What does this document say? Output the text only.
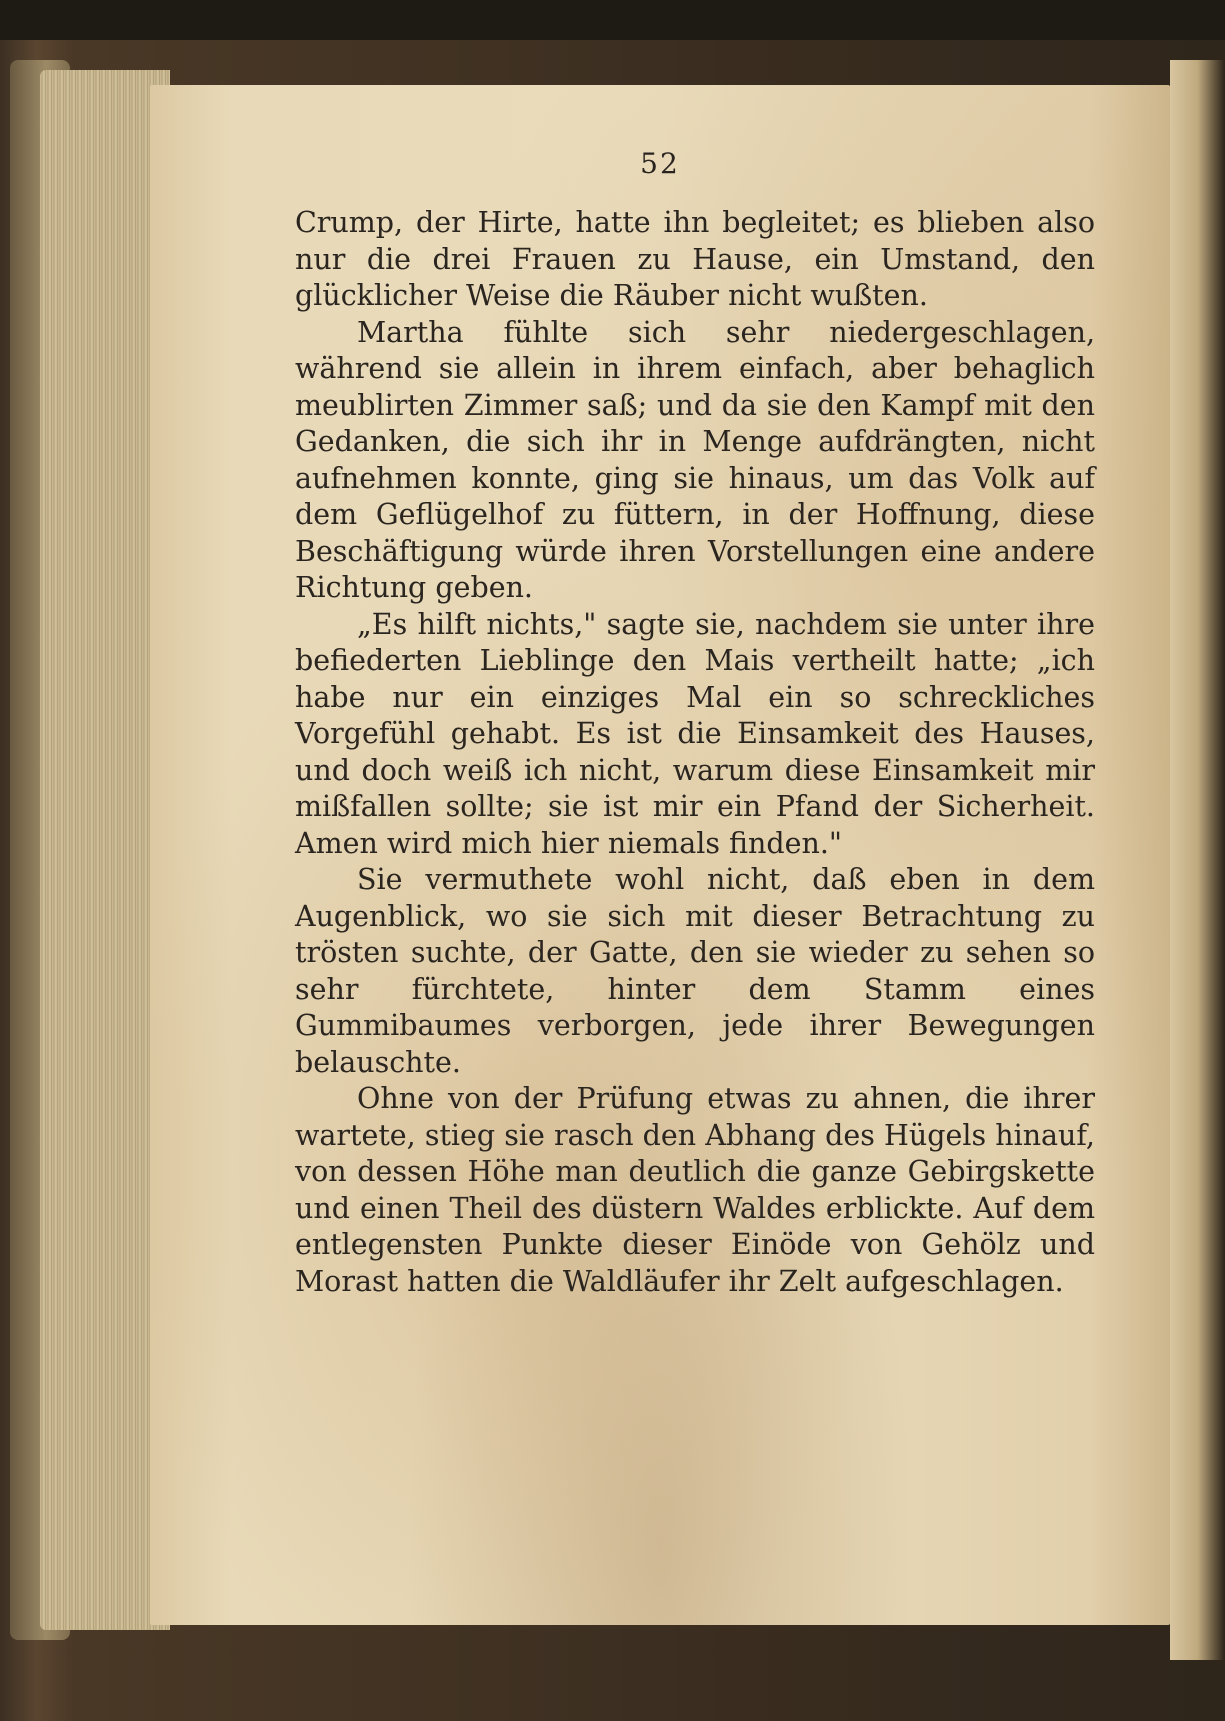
52

Crump, der Hirte, hatte ihn begleitet; es blieben also nur die drei Frauen zu Hause, ein Umstand, den glücklicher Weise die Räuber nicht wußten.

Martha fühlte sich sehr niedergeschlagen, während sie allein in ihrem einfach, aber behaglich meublirten Zimmer saß; und da sie den Kampf mit den Gedanken, die sich ihr in Menge aufdrängten, nicht aufnehmen konnte, ging sie hinaus, um das Volk auf dem Geflügelhof zu füttern, in der Hoffnung, diese Beschäftigung würde ihren Vorstellungen eine andere Richtung geben.

„Es hilft nichts," sagte sie, nachdem sie unter ihre befiederten Lieblinge den Mais vertheilt hatte; „ich habe nur ein einziges Mal ein so schreckliches Vorgefühl gehabt. Es ist die Einsamkeit des Hauses, und doch weiß ich nicht, warum diese Einsamkeit mir mißfallen sollte; sie ist mir ein Pfand der Sicherheit. Amen wird mich hier niemals finden."

Sie vermuthete wohl nicht, daß eben in dem Augenblick, wo sie sich mit dieser Betrachtung zu trösten suchte, der Gatte, den sie wieder zu sehen so sehr fürchtete, hinter dem Stamm eines Gummibaumes verborgen, jede ihrer Bewegungen belauschte.

Ohne von der Prüfung etwas zu ahnen, die ihrer wartete, stieg sie rasch den Abhang des Hügels hinauf, von dessen Höhe man deutlich die ganze Gebirgskette und einen Theil des düstern Waldes erblickte. Auf dem entlegensten Punkte dieser Einöde von Gehölz und Morast hatten die Waldläufer ihr Zelt aufgeschlagen.
